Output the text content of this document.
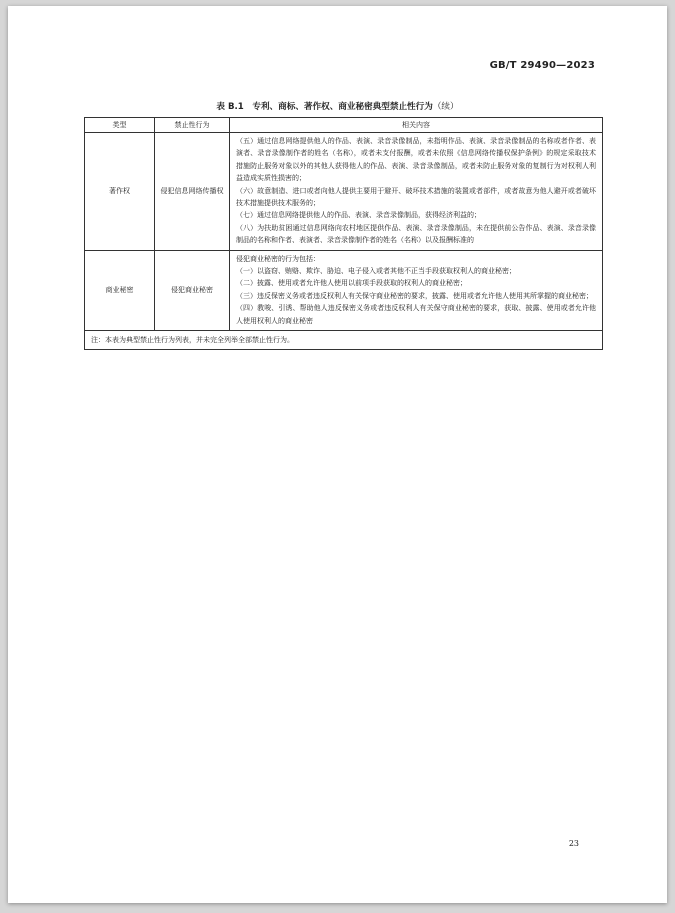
GB/T 29490—2023
表 B.1　专利、商标、著作权、商业秘密典型禁止性行为（续）
类型	禁止性行为	相关内容
著作权	侵犯信息网络传播权	（五）通过信息网络提供他人的作品、表演、录音录像制品，未指明作品、表演、录音录像制品的名称或者作者、表演者、录音录像制作者的姓名（名称），或者未支付报酬，或者未依照《信息网络传播权保护条例》的规定采取技术措施防止服务对象以外的其他人获得他人的作品、表演、录音录像制品，或者未防止服务对象的复制行为对权利人利益造成实质性损害的；
（六）故意制造、进口或者向他人提供主要用于避开、破坏技术措施的装置或者部件，或者故意为他人避开或者破坏技术措施提供技术服务的；
（七）通过信息网络提供他人的作品、表演、录音录像制品，获得经济利益的；
（八）为扶助贫困通过信息网络向农村地区提供作品、表演、录音录像制品，未在提供前公告作品、表演、录音录像制品的名称和作者、表演者、录音录像制作者的姓名（名称）以及报酬标准的

商业秘密	侵犯商业秘密	侵犯商业秘密的行为包括：
（一）以盗窃、贿赂、欺诈、胁迫、电子侵入或者其他不正当手段获取权利人的商业秘密；
（二）披露、使用或者允许他人使用以前项手段获取的权利人的商业秘密；
（三）违反保密义务或者违反权利人有关保守商业秘密的要求，披露、使用或者允许他人使用其所掌握的商业秘密；
（四）教唆、引诱、帮助他人违反保密义务或者违反权利人有关保守商业秘密的要求，获取、披露、使用或者允许他人使用权利人的商业秘密

注：本表为典型禁止性行为列表，并未完全列举全部禁止性行为。		
23
